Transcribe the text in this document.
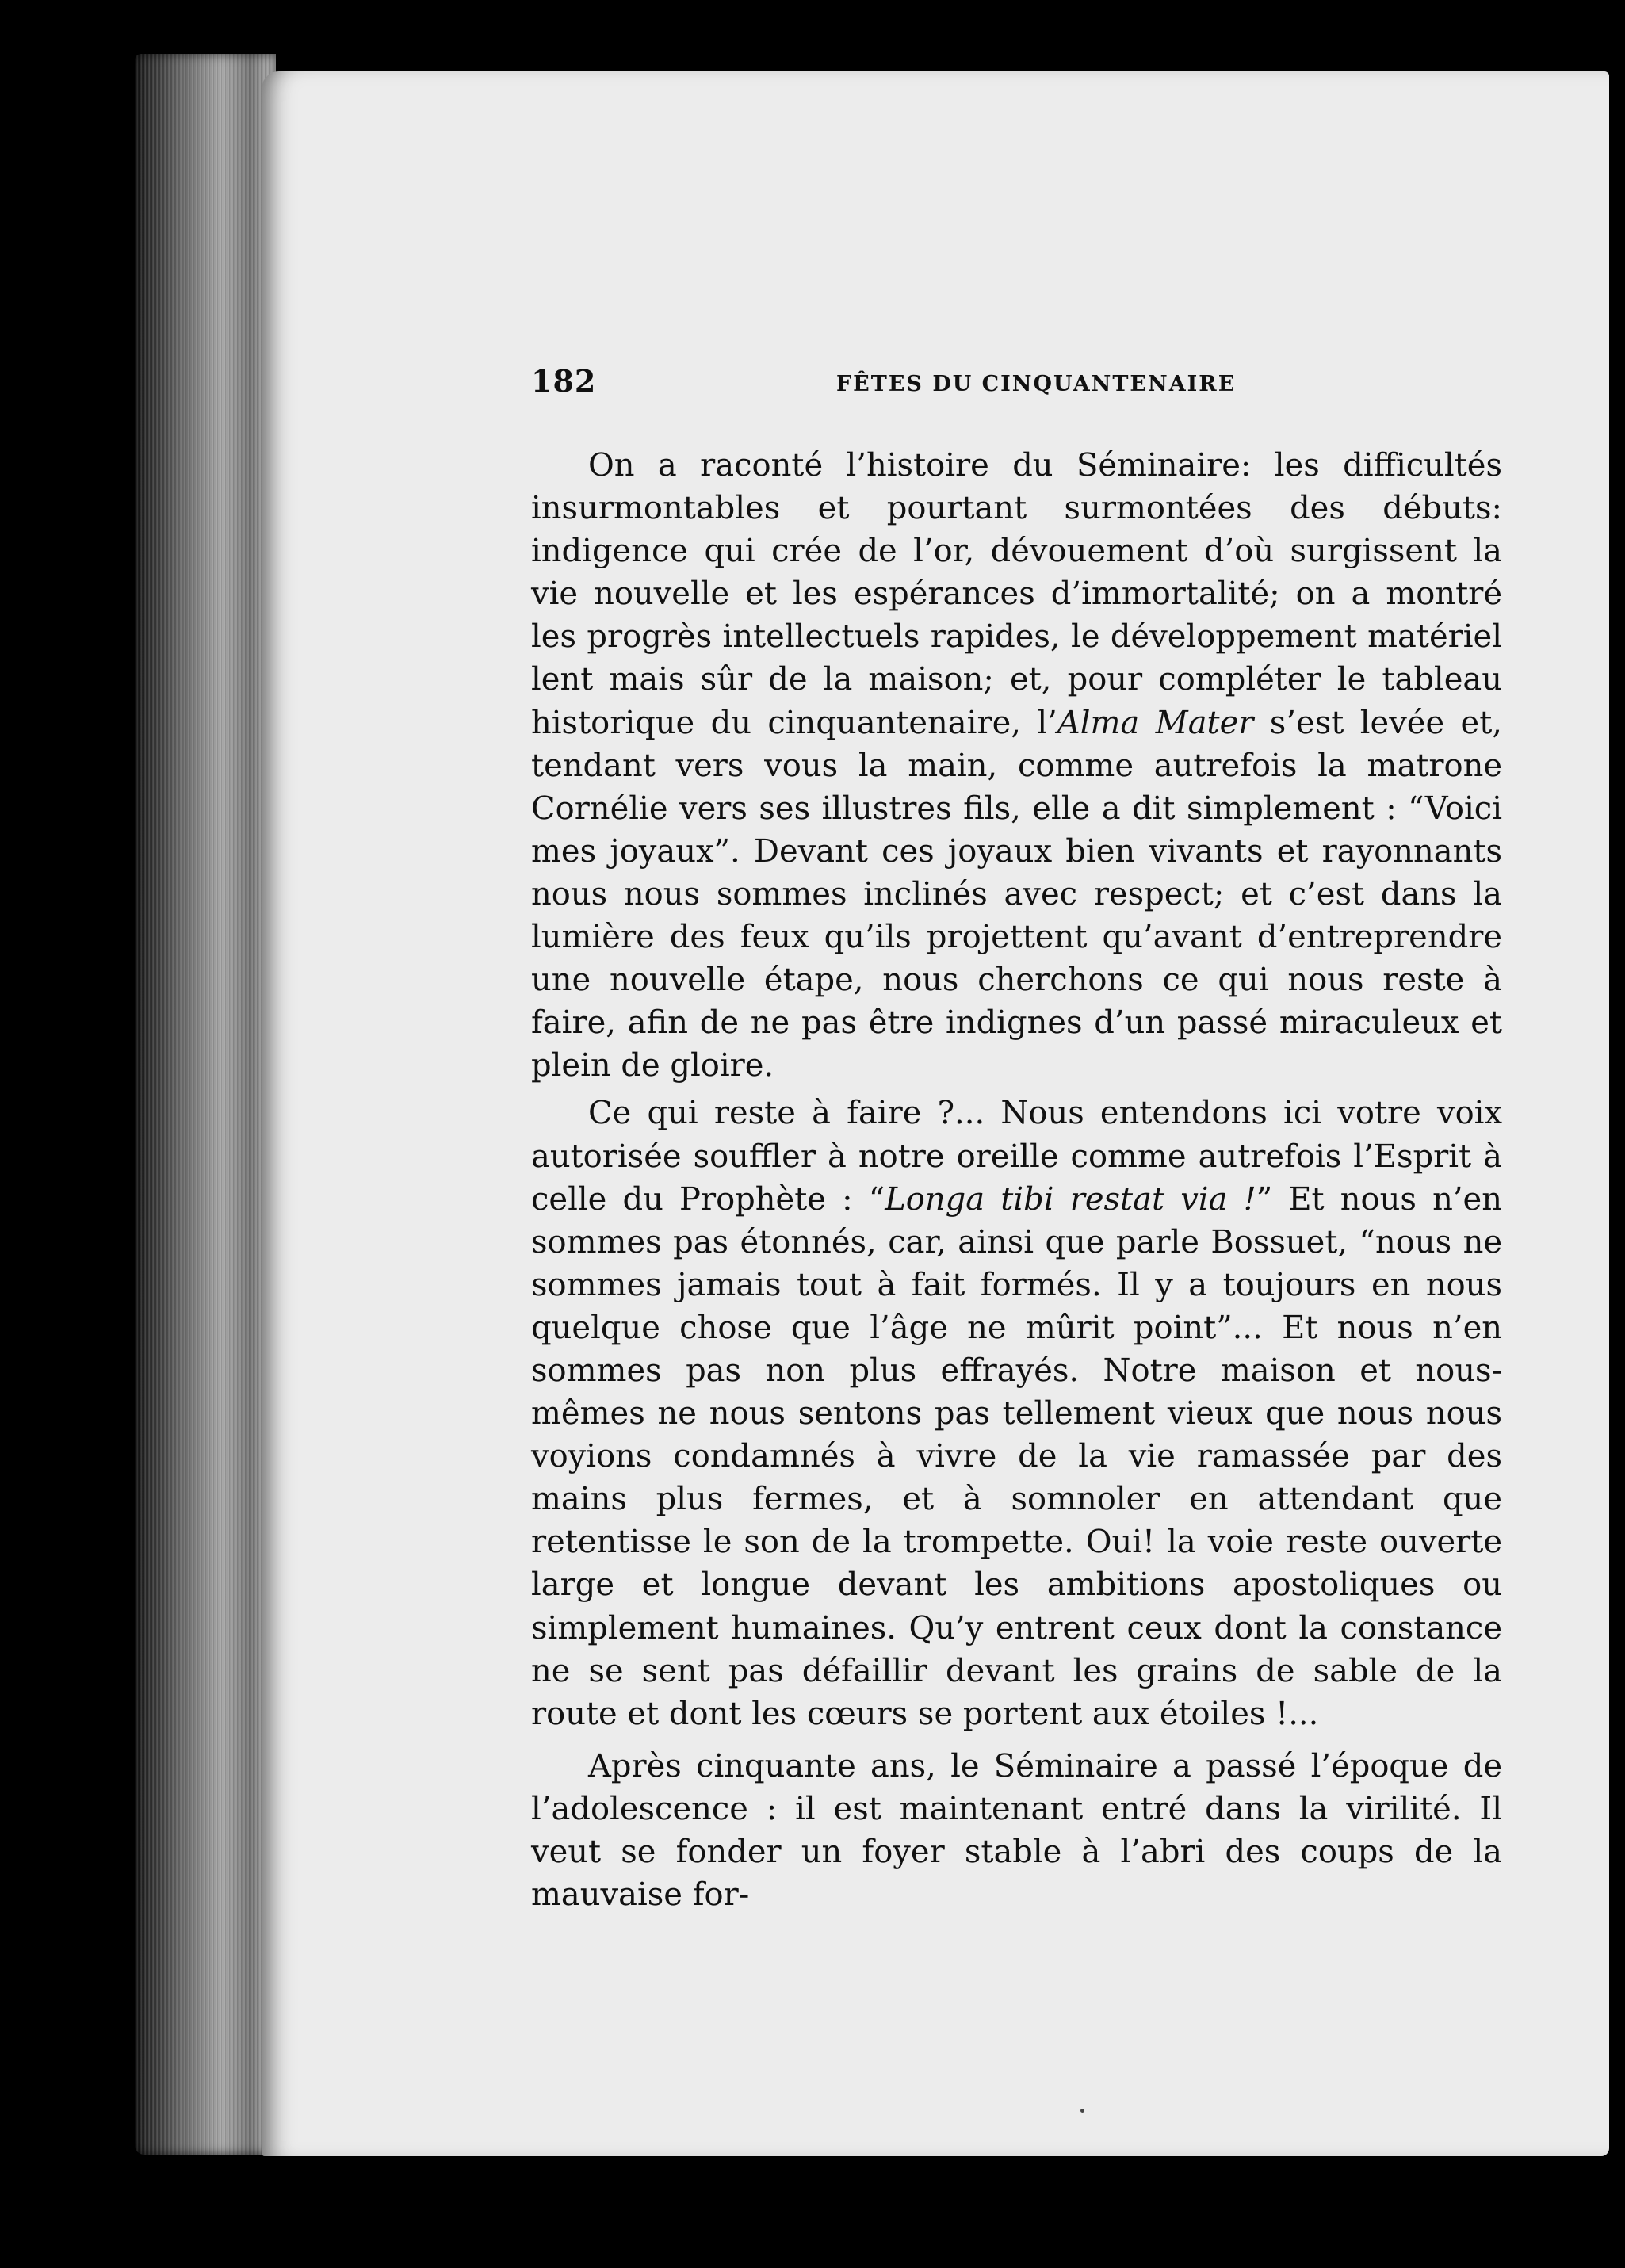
182	FÊTES DU CINQUANTENAIRE

On a raconté l’histoire du Séminaire: les difficultés insurmontables et pourtant surmontées des débuts: indigence qui crée de l’or, dévouement d’où surgissent la vie nouvelle et les espérances d’immortalité; on a montré les progrès intellectuels rapides, le développement matériel lent mais sûr de la maison; et, pour compléter le tableau historique du cinquantenaire, l’Alma Mater s’est levée et, tendant vers vous la main, comme autrefois la matrone Cornélie vers ses illustres fils, elle a dit simplement : “Voici mes joyaux”. Devant ces joyaux bien vivants et rayonnants nous nous sommes inclinés avec respect; et c’est dans la lumière des feux qu’ils projettent qu’avant d’entreprendre une nouvelle étape, nous cherchons ce qui nous reste à faire, afin de ne pas être indignes d’un passé miraculeux et plein de gloire.

Ce qui reste à faire ?... Nous entendons ici votre voix autorisée souffler à notre oreille comme autrefois l’Esprit à celle du Prophète : “Longa tibi restat via !” Et nous n’en sommes pas étonnés, car, ainsi que parle Bossuet, “nous ne sommes jamais tout à fait formés. Il y a toujours en nous quelque chose que l’âge ne mûrit point”... Et nous n’en sommes pas non plus effrayés. Notre maison et nous-mêmes ne nous sentons pas tellement vieux que nous nous voyions condamnés à vivre de la vie ramassée par des mains plus fermes, et à somnoler en attendant que retentisse le son de la trompette. Oui! la voie reste ouverte large et longue devant les ambitions apostoliques ou simplement humaines. Qu’y entrent ceux dont la constance ne se sent pas défaillir devant les grains de sable de la route et dont les cœurs se portent aux étoiles !...

Après cinquante ans, le Séminaire a passé l’époque de l’adolescence : il est maintenant entré dans la virilité. Il veut se fonder un foyer stable à l’abri des coups de la mauvaise for-
